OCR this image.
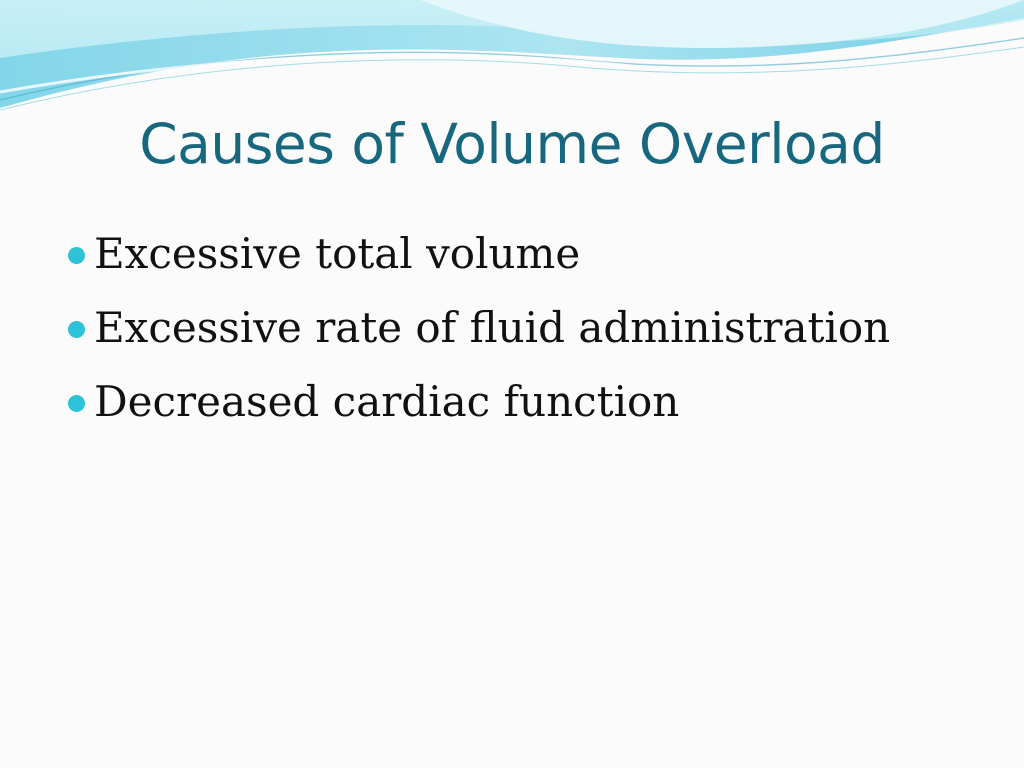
Causes of Volume Overload
Excessive total volume
Excessive rate of fluid administration
Decreased cardiac function
